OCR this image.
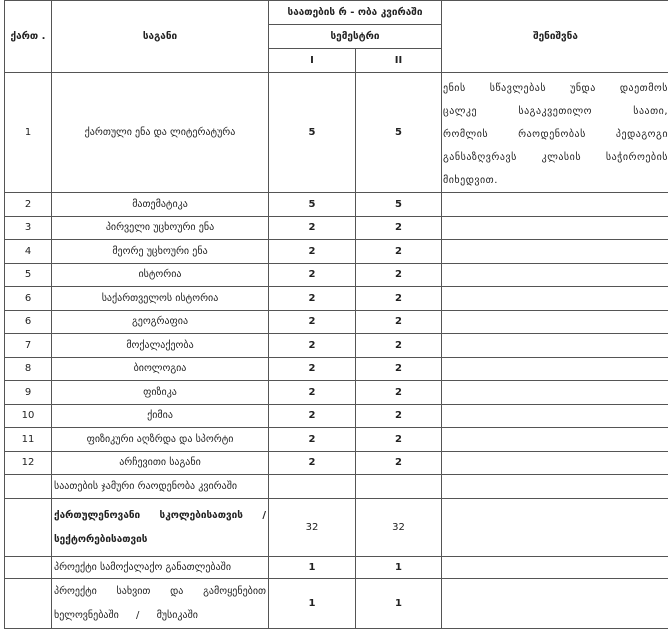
ქართ .	საგანი	საათების რ - ობა კვირაში		შენიშვნა
		სემესტრი		
		I	II	
1	ქართული ენა და ლიტერატურა	5	5	ენის სწავლებას უნდა დაეთმოს ცალკე საგაკვეთილო საათი, რომლის რაოდენობას პედაგოგი განსაზღვრავს კლასის საჭიროების მიხედვით.
2	მათემატიკა	5	5	
3	პირველი უცხოური ენა	2	2	
4	მეორე უცხოური ენა	2	2	
5	ისტორია	2	2	
6	საქართველოს ისტორია	2	2	
6	გეოგრაფია	2	2	
7	მოქალაქეობა	2	2	
8	ბიოლოგია	2	2	
9	ფიზიკა	2	2	
10	ქიმია	2	2	
11	ფიზიკური აღზრდა და სპორტი	2	2	
12	არჩევითი საგანი	2	2	
	საათების ჯამური რაოდენობა კვირაში			
	ქართულენოვანი სკოლებისათვის / სექტორებისათვის	32	32	
	პროექტი სამოქალაქო განათლებაში	1	1	
	პროექტი სახვით და გამოყენებით ხელოვნებაში / მუსიკაში	1	1	
